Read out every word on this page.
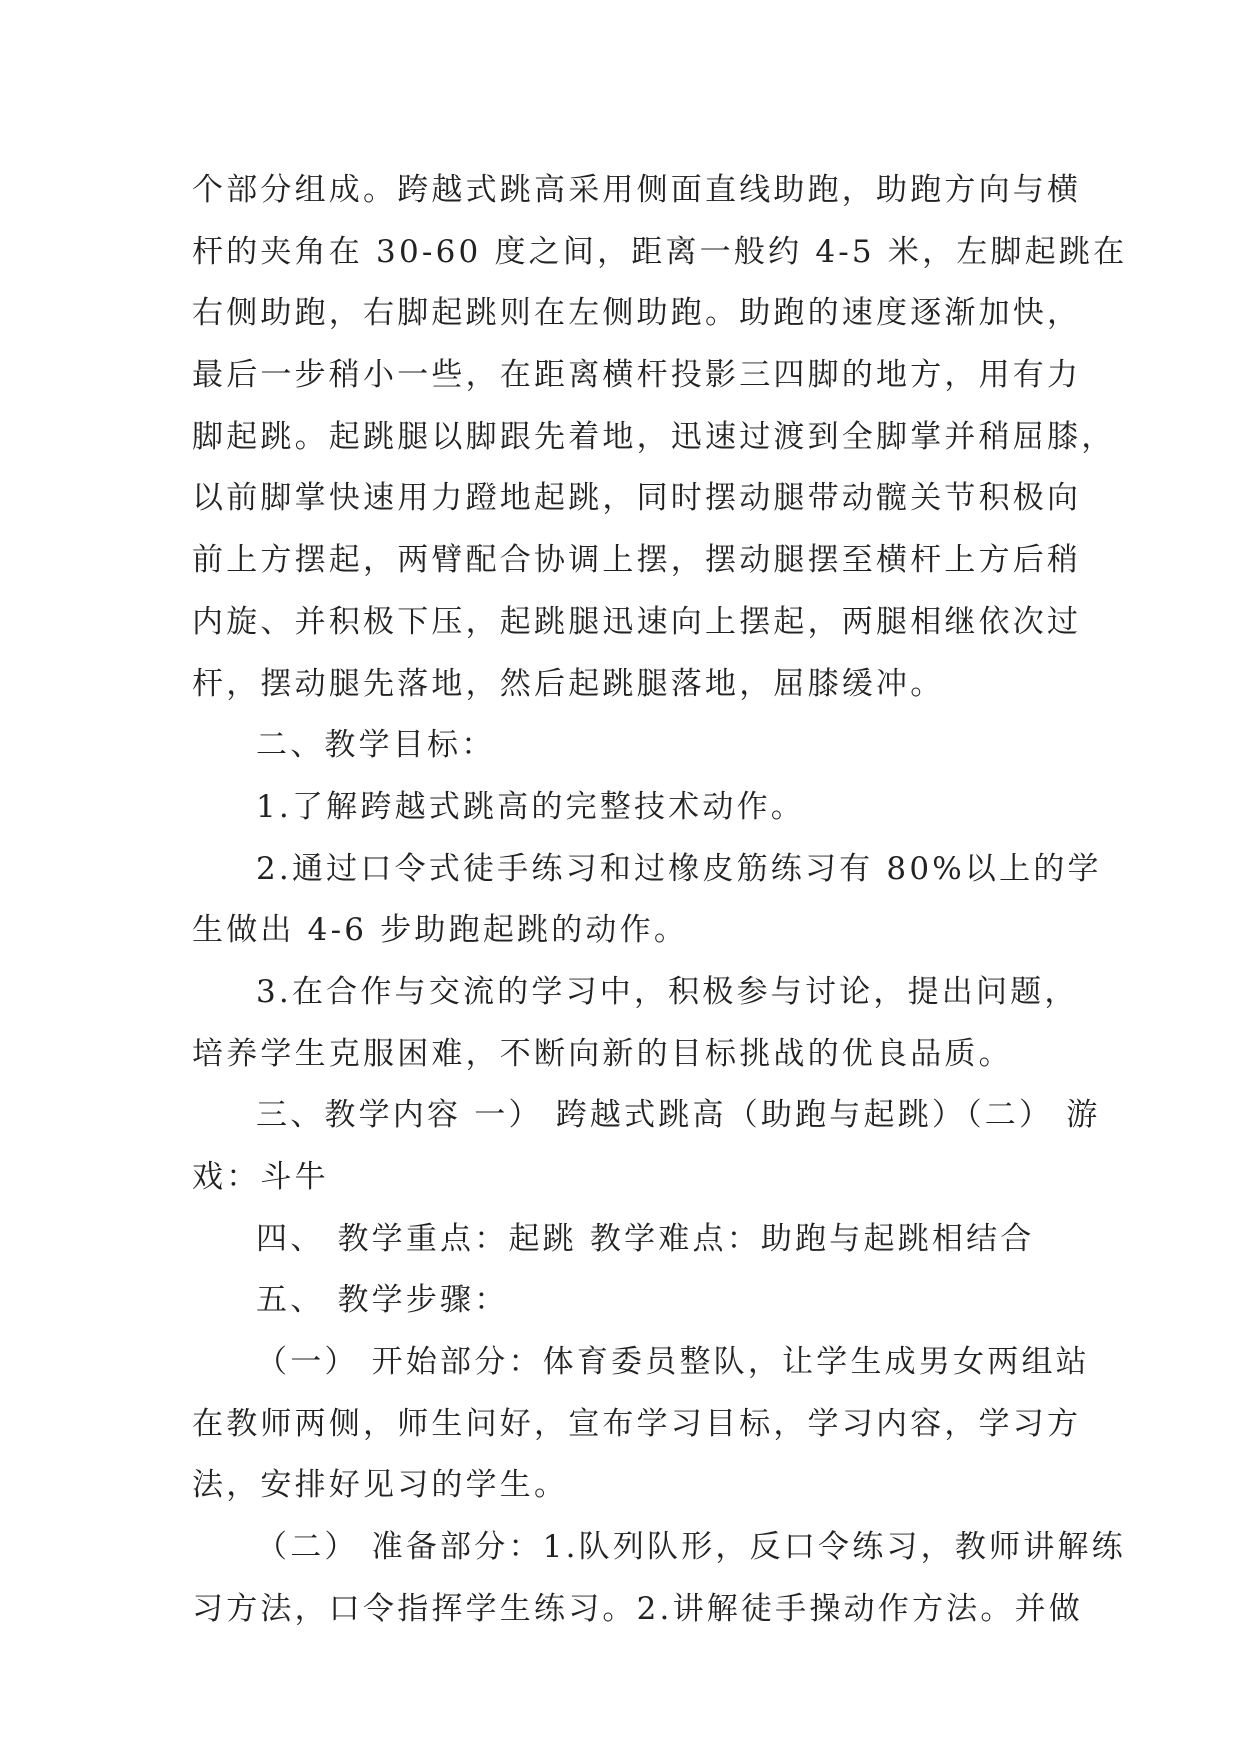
个部分组成。跨越式跳高采用侧面直线助跑，助跑方向与横
杆的夹角在 30-60 度之间，距离一般约 4-5 米，左脚起跳在
右侧助跑，右脚起跳则在左侧助跑。助跑的速度逐渐加快，
最后一步稍小一些，在距离横杆投影三四脚的地方，用有力
脚起跳。起跳腿以脚跟先着地，迅速过渡到全脚掌并稍屈膝，
以前脚掌快速用力蹬地起跳，同时摆动腿带动髋关节积极向
前上方摆起，两臂配合协调上摆，摆动腿摆至横杆上方后稍
内旋、并积极下压，起跳腿迅速向上摆起，两腿相继依次过
杆，摆动腿先落地，然后起跳腿落地，屈膝缓冲。
二、教学目标：
1.了解跨越式跳高的完整技术动作。
2.通过口令式徒手练习和过橡皮筋练习有 80%以上的学
生做出 4-6 步助跑起跳的动作。
3.在合作与交流的学习中，积极参与讨论，提出问题，
培养学生克服困难，不断向新的目标挑战的优良品质。
三、教学内容 一） 跨越式跳高（助跑与起跳）（二） 游
戏：斗牛
四、 教学重点：起跳 教学难点：助跑与起跳相结合
五、 教学步骤：
（一） 开始部分：体育委员整队，让学生成男女两组站
在教师两侧，师生问好，宣布学习目标，学习内容，学习方
法，安排好见习的学生。
（二） 准备部分：1.队列队形，反口令练习，教师讲解练
习方法，口令指挥学生练习。2.讲解徒手操动作方法。并做
